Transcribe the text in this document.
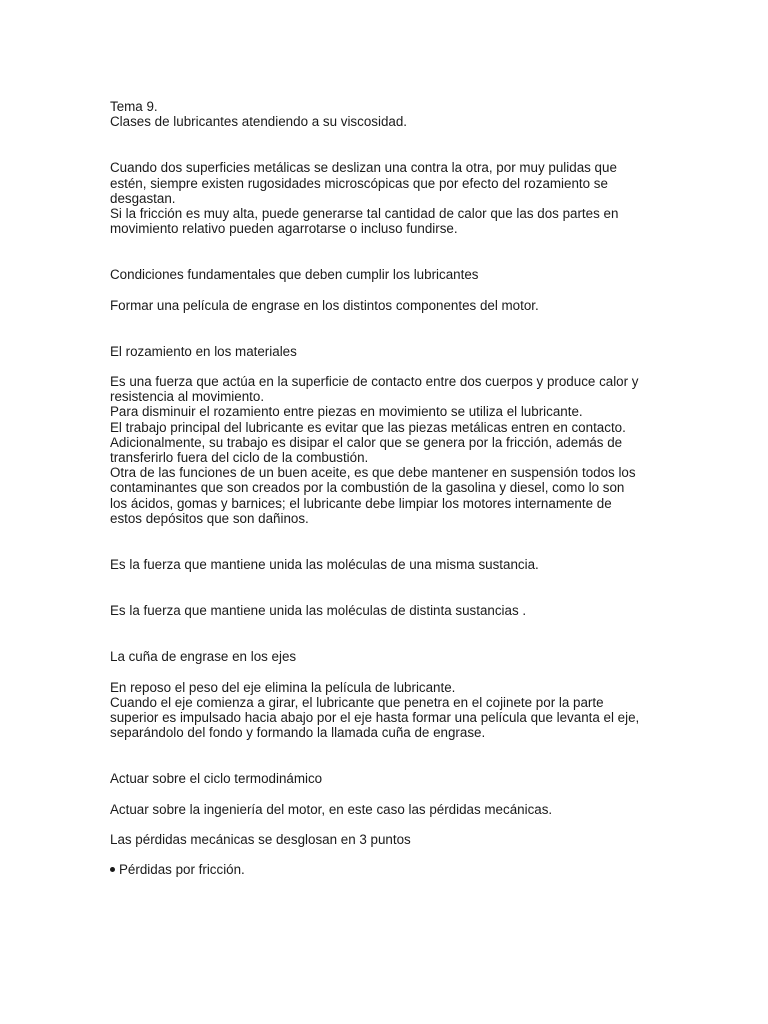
Tema 9.

Clases de lubricantes atendiendo a su viscosidad.

Cuando dos superficies metálicas se deslizan una contra la otra, por muy pulidas que estén, siempre existen rugosidades microscópicas que por efecto del rozamiento se desgastan.

Si la fricción es muy alta, puede generarse tal cantidad de calor que las dos partes en movimiento relativo pueden agarrotarse o incluso fundirse.

Condiciones fundamentales que deben cumplir los lubricantes

Formar una película de engrase en los distintos componentes del motor.

El rozamiento en los materiales

Es una fuerza que actúa en la superficie de contacto entre dos cuerpos y produce calor y resistencia al movimiento.

Para disminuir el rozamiento entre piezas en movimiento se utiliza el lubricante.

El trabajo principal del lubricante es evitar que las piezas metálicas entren en contacto.

Adicionalmente, su trabajo es disipar el calor que se genera por la fricción, además de transferirlo fuera del ciclo de la combustión.

Otra de las funciones de un buen aceite, es que debe mantener en suspensión todos los contaminantes que son creados por la combustión de la gasolina y diesel, como lo son los ácidos, gomas y barnices; el lubricante debe limpiar los motores internamente de estos depósitos que son dañinos.

Es la fuerza que mantiene unida las moléculas de una misma sustancia.

Es la fuerza que mantiene unida las moléculas de distinta sustancias .

La cuña de engrase en los ejes

En reposo el peso del eje elimina la película de lubricante.

Cuando el eje comienza a girar, el lubricante que penetra en el cojinete por la parte superior es impulsado hacia abajo por el eje hasta formar una película que levanta el eje, separándolo del fondo y formando la llamada cuña de engrase.

Actuar sobre el ciclo termodinámico

Actuar sobre la ingeniería del motor, en este caso las pérdidas mecánicas.

Las pérdidas mecánicas se desglosan en 3 puntos

Pérdidas por fricción.
